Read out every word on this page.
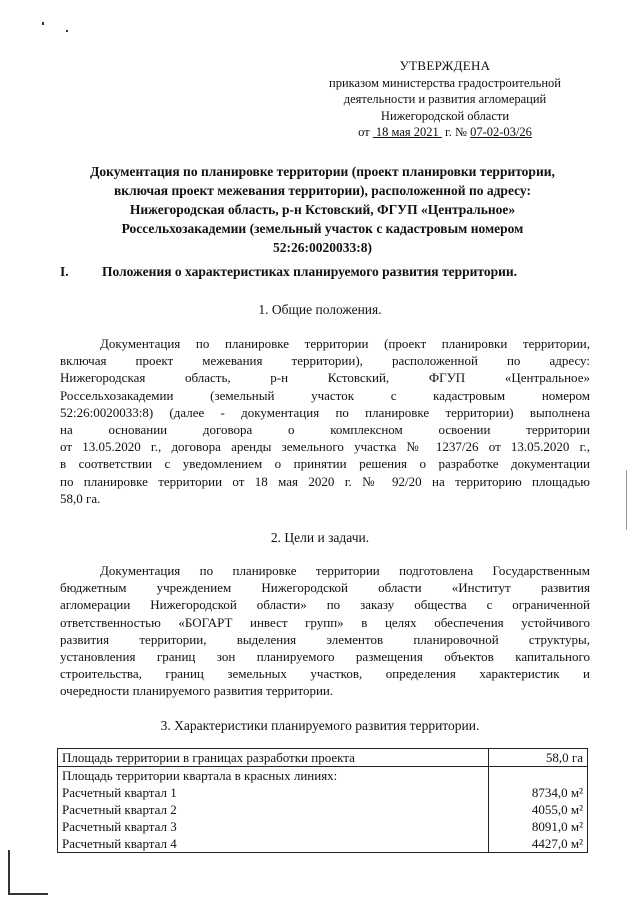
УТВЕРЖДЕНА
приказом министерства градостроительной
деятельности и развития агломераций
Нижегородской области
от 18 мая 2021 г. № 07-02-03/26
Документация по планировке территории (проект планировки территории,
включая проект межевания территории), расположенной по адресу:
Нижегородская область, р-н Кстовский, ФГУП «Центральное»
Россельхозакадемии (земельный участок с кадастровым номером
52:26:0020033:8)
I. Положения о характеристиках планируемого развития территории.
1. Общие положения.
Документация по планировке территории (проект планировки территории,
включая проект межевания территории), расположенной по адресу:
Нижегородская область, р-н Кстовский, ФГУП «Центральное»
Россельхозакадемии (земельный участок с кадастровым номером
52:26:0020033:8) (далее - документация по планировке территории) выполнена
на основании договора о комплексном освоении территории
от 13.05.2020 г., договора аренды земельного участка № 1237/26 от 13.05.2020 г.,
в соответствии с уведомлением о принятии решения о разработке документации
по планировке территории от 18 мая 2020 г. № 92/20 на территорию площадью
58,0 га.
2. Цели и задачи.
Документация по планировке территории подготовлена Государственным
бюджетным учреждением Нижегородской области «Институт развития
агломерации Нижегородской области» по заказу общества с ограниченной
ответственностью «БОГАРТ инвест групп» в целях обеспечения устойчивого
развития территории, выделения элементов планировочной структуры,
установления границ зон планируемого размещения объектов капитального
строительства, границ земельных участков, определения характеристик и
очередности планируемого развития территории.
3. Характеристики планируемого развития территории.
Площадь территории в границах разработки проекта	58,0 га
Площадь территории квартала в красных линиях:	
Расчетный квартал 1	8734,0 м²
Расчетный квартал 2	4055,0 м²
Расчетный квартал 3	8091,0 м²
Расчетный квартал 4	4427,0 м²
